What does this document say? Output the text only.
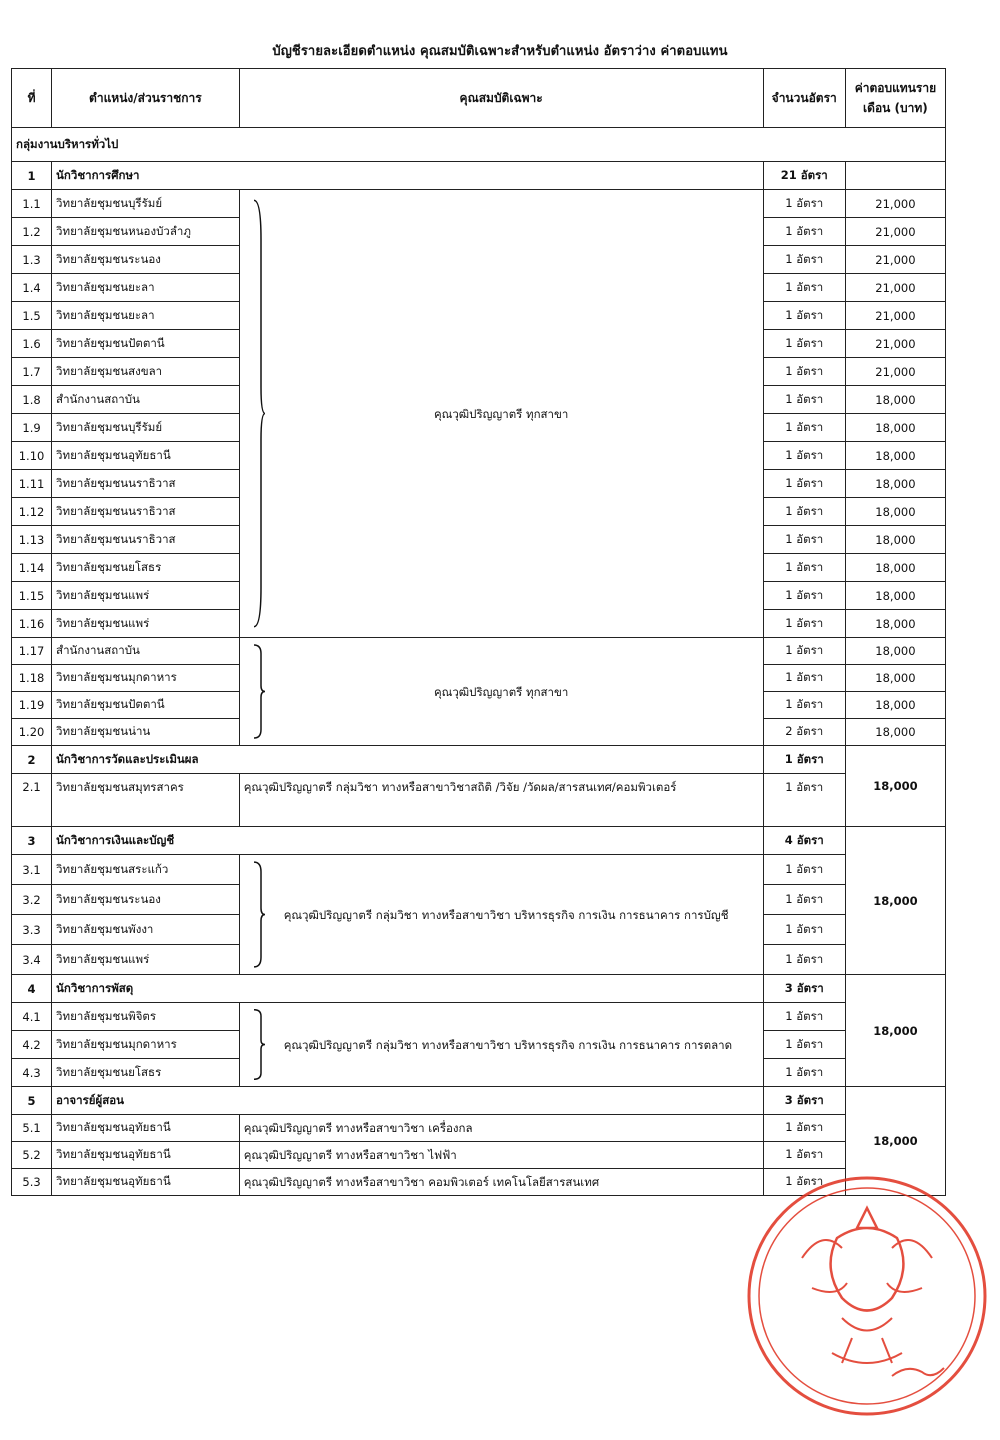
บัญชีรายละเอียดตำแหน่ง คุณสมบัติเฉพาะสำหรับตำแหน่ง อัตราว่าง ค่าตอบแทน
ที่	ตำแหน่ง/ส่วนราชการ	คุณสมบัติเฉพาะ	จำนวนอัตรา	ค่าตอบแทนรายเดือน (บาท)
กลุ่มงานบริหารทั่วไป				
1	นักวิชาการศึกษา		21 อัตรา	
1.1	วิทยาลัยชุมชนบุรีรัมย์	คุณวุฒิปริญญาตรี ทุกสาขา	1 อัตรา	21,000
1.2	วิทยาลัยชุมชนหนองบัวลำภู		1 อัตรา	21,000
1.3	วิทยาลัยชุมชนระนอง		1 อัตรา	21,000
1.4	วิทยาลัยชุมชนยะลา		1 อัตรา	21,000
1.5	วิทยาลัยชุมชนยะลา		1 อัตรา	21,000
1.6	วิทยาลัยชุมชนปัตตานี		1 อัตรา	21,000
1.7	วิทยาลัยชุมชนสงขลา		1 อัตรา	21,000
1.8	สำนักงานสถาบัน		1 อัตรา	18,000
1.9	วิทยาลัยชุมชนบุรีรัมย์		1 อัตรา	18,000
1.10	วิทยาลัยชุมชนอุทัยธานี		1 อัตรา	18,000
1.11	วิทยาลัยชุมชนนราธิวาส		1 อัตรา	18,000
1.12	วิทยาลัยชุมชนนราธิวาส		1 อัตรา	18,000
1.13	วิทยาลัยชุมชนนราธิวาส		1 อัตรา	18,000
1.14	วิทยาลัยชุมชนยโสธร		1 อัตรา	18,000
1.15	วิทยาลัยชุมชนแพร่		1 อัตรา	18,000
1.16	วิทยาลัยชุมชนแพร่		1 อัตรา	18,000
1.17	สำนักงานสถาบัน	คุณวุฒิปริญญาตรี ทุกสาขา	1 อัตรา	18,000
1.18	วิทยาลัยชุมชนมุกดาหาร		1 อัตรา	18,000
1.19	วิทยาลัยชุมชนปัตตานี		1 อัตรา	18,000
1.20	วิทยาลัยชุมชนน่าน		2 อัตรา	18,000
2	นักวิชาการวัดและประเมินผล		1 อัตรา	18,000
2.1	วิทยาลัยชุมชนสมุทรสาคร	คุณวุฒิปริญญาตรี กลุ่มวิชา ทางหรือสาขาวิชาสถิติ /วิจัย /วัดผล/สารสนเทศ/คอมพิวเตอร์	1 อัตรา	
3	นักวิชาการเงินและบัญชี		4 อัตรา	18,000
3.1	วิทยาลัยชุมชนสระแก้ว	คุณวุฒิปริญญาตรี กลุ่มวิชา ทางหรือสาขาวิชา บริหารธุรกิจ การเงิน การธนาคาร การบัญชี	1 อัตรา	
3.2	วิทยาลัยชุมชนระนอง		1 อัตรา	
3.3	วิทยาลัยชุมชนพังงา		1 อัตรา	
3.4	วิทยาลัยชุมชนแพร่		1 อัตรา	
4	นักวิชาการพัสดุ		3 อัตรา	18,000
4.1	วิทยาลัยชุมชนพิจิตร	คุณวุฒิปริญญาตรี กลุ่มวิชา ทางหรือสาขาวิชา บริหารธุรกิจ การเงิน การธนาคาร การตลาด	1 อัตรา	
4.2	วิทยาลัยชุมชนมุกดาหาร		1 อัตรา	
4.3	วิทยาลัยชุมชนยโสธร		1 อัตรา	
5	อาจารย์ผู้สอน		3 อัตรา	18,000
5.1	วิทยาลัยชุมชนอุทัยธานี	คุณวุฒิปริญญาตรี ทางหรือสาขาวิชา เครื่องกล	1 อัตรา	
5.2	วิทยาลัยชุมชนอุทัยธานี	คุณวุฒิปริญญาตรี ทางหรือสาขาวิชา ไฟฟ้า	1 อัตรา	
5.3	วิทยาลัยชุมชนอุทัยธานี	คุณวุฒิปริญญาตรี ทางหรือสาขาวิชา คอมพิวเตอร์ เทคโนโลยีสารสนเทศ	1 อัตรา	
